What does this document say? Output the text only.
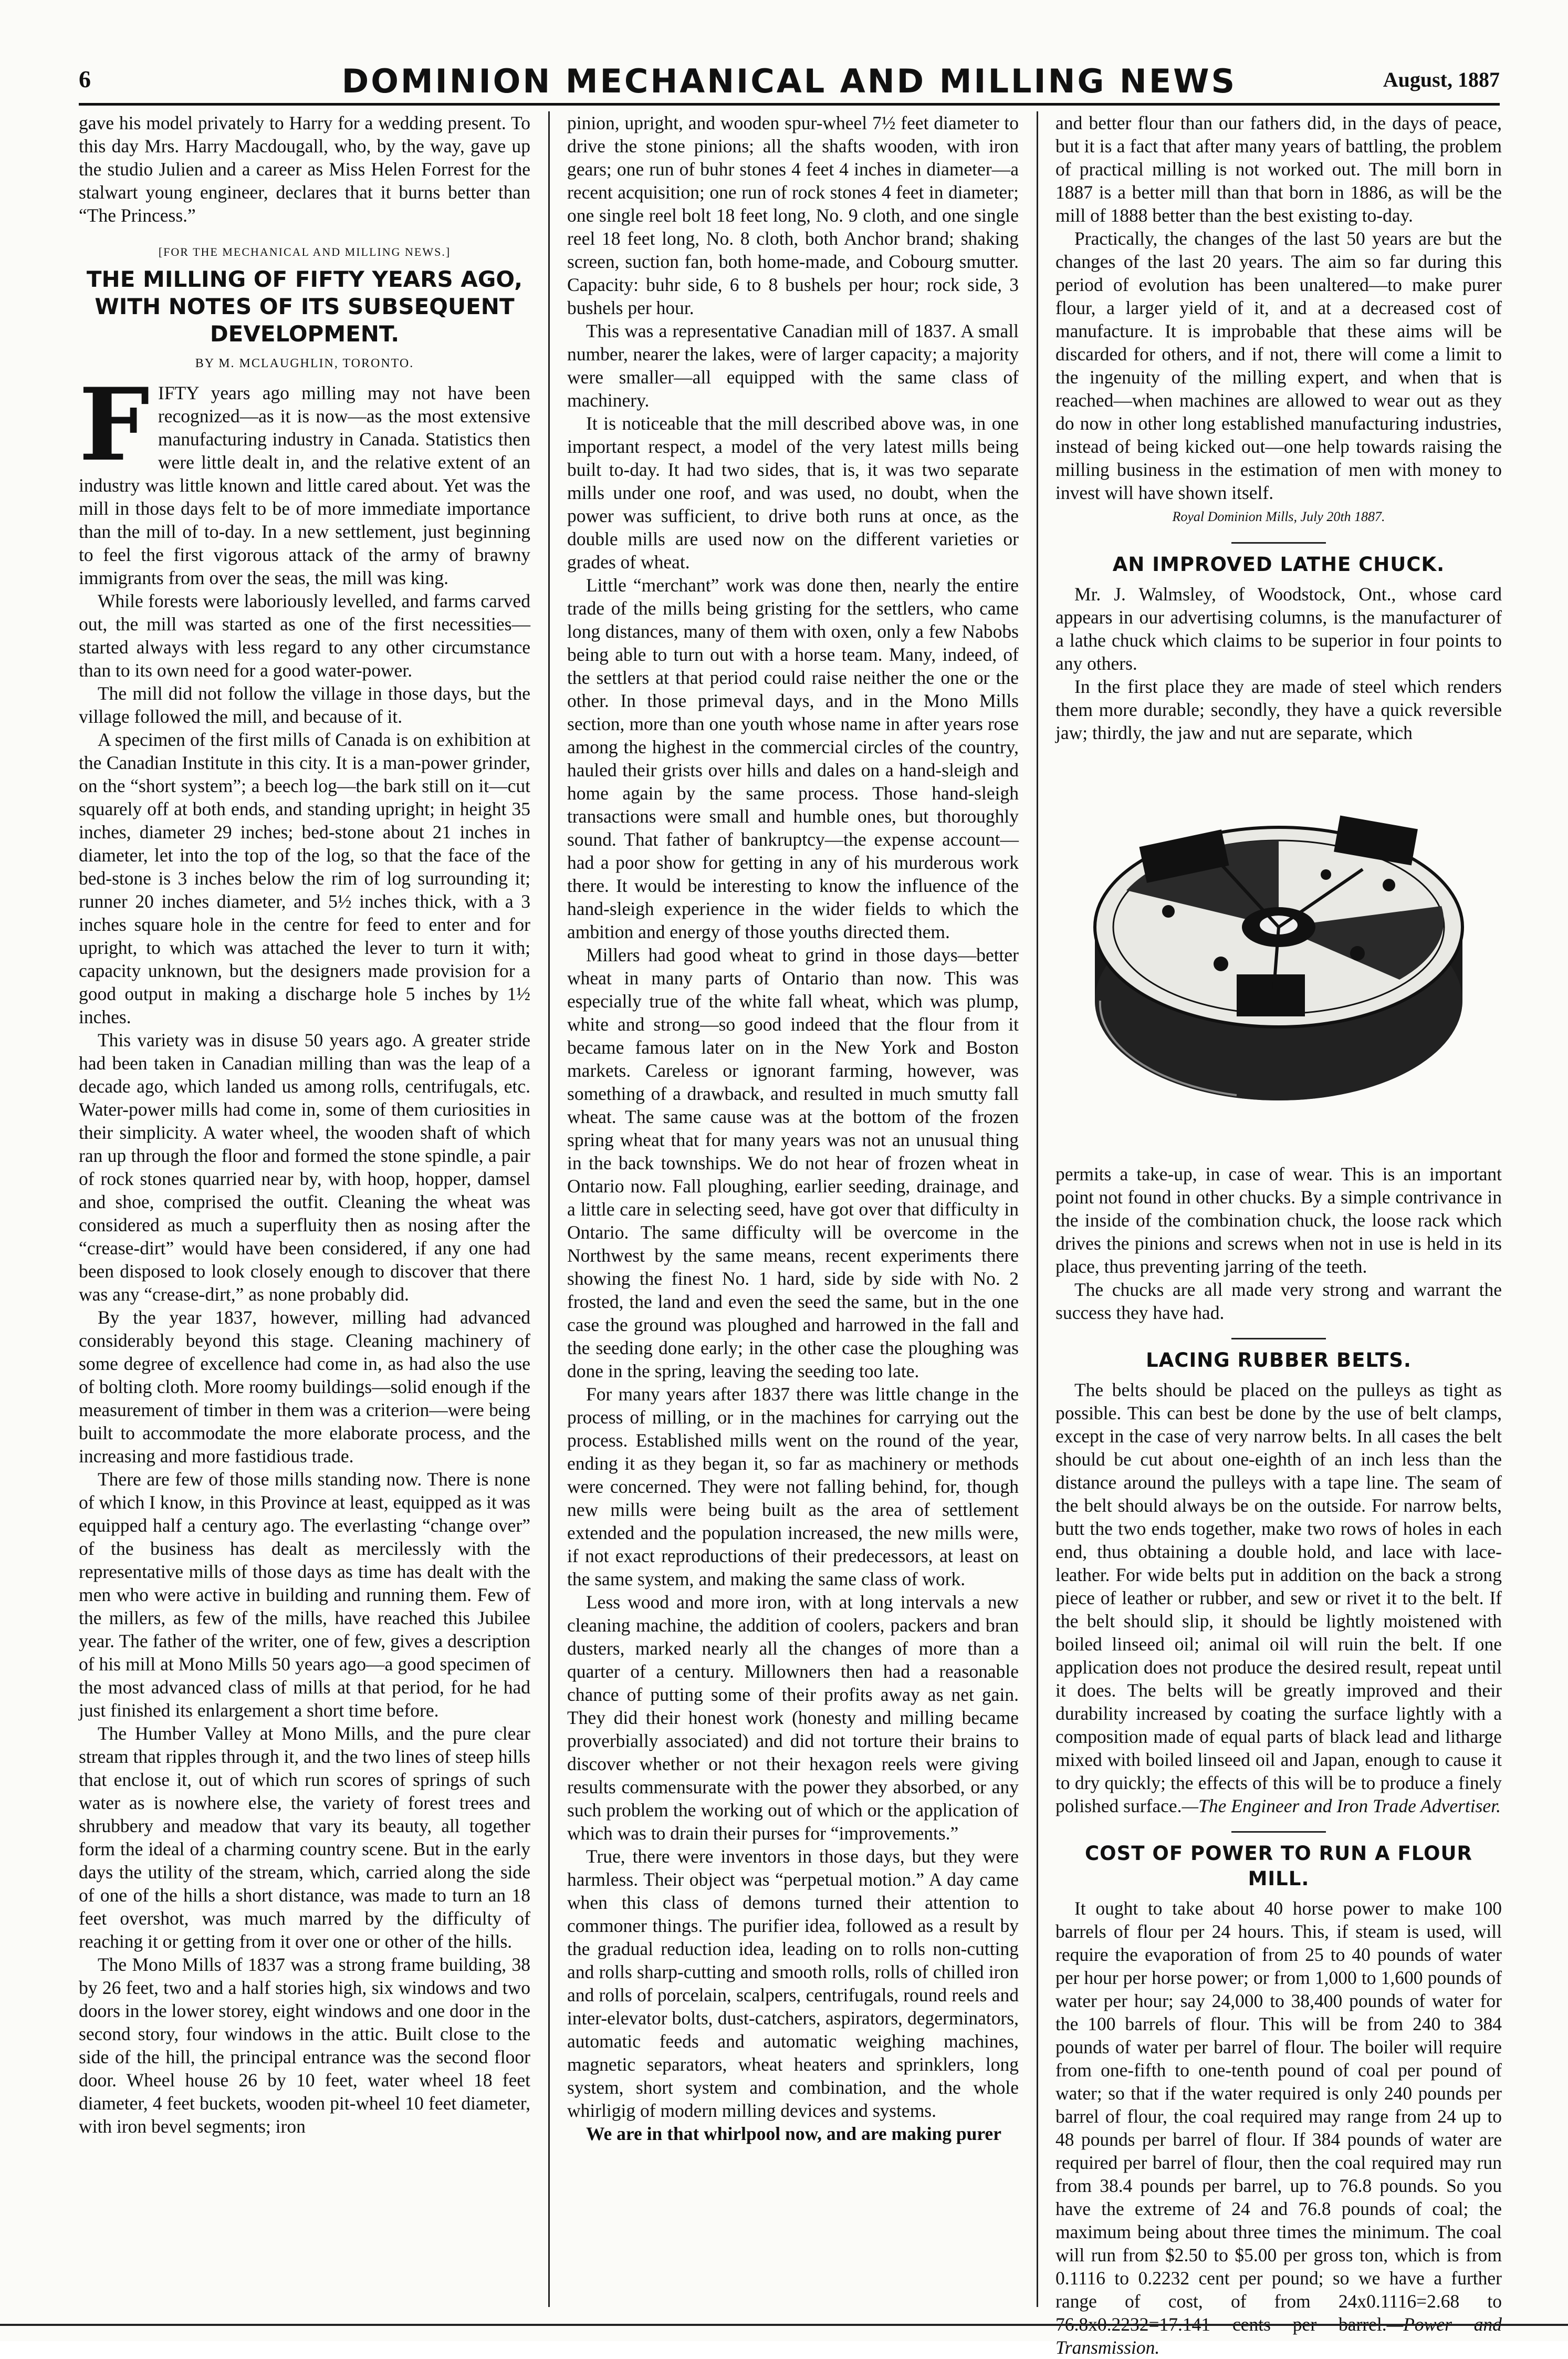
6	DOMINION MECHANICAL AND MILLING NEWS	August, 1887

gave his model privately to Harry for a wedding present. To this day Mrs. Harry Macdougall, who, by the way, gave up the studio Julien and a career as Miss Helen Forrest for the stalwart young engineer, declares that it burns better than “The Princess.”

[FOR THE MECHANICAL AND MILLING NEWS.]
THE MILLING OF FIFTY YEARS AGO, WITH NOTES OF ITS SUBSEQUENT DEVELOPMENT.
BY M. MCLAUGHLIN, TORONTO.

FIFTY years ago milling may not have been recognized—as it is now—as the most extensive manufacturing industry in Canada. Statistics then were little dealt in, and the relative extent of an industry was little known and little cared about. Yet was the mill in those days felt to be of more immediate importance than the mill of to-day. In a new settlement, just beginning to feel the first vigorous attack of the army of brawny immigrants from over the seas, the mill was king.

While forests were laboriously levelled, and farms carved out, the mill was started as one of the first necessities—started always with less regard to any other circumstance than to its own need for a good water-power.

The mill did not follow the village in those days, but the village followed the mill, and because of it.

A specimen of the first mills of Canada is on exhibition at the Canadian Institute in this city. It is a man-power grinder, on the “short system”; a beech log—the bark still on it—cut squarely off at both ends, and standing upright; in height 35 inches, diameter 29 inches; bed-stone about 21 inches in diameter, let into the top of the log, so that the face of the bed-stone is 3 inches below the rim of log surrounding it; runner 20 inches diameter, and 5½ inches thick, with a 3 inches square hole in the centre for feed to enter and for upright, to which was attached the lever to turn it with; capacity unknown, but the designers made provision for a good output in making a discharge hole 5 inches by 1½ inches.

This variety was in disuse 50 years ago. A greater stride had been taken in Canadian milling than was the leap of a decade ago, which landed us among rolls, centrifugals, etc. Water-power mills had come in, some of them curiosities in their simplicity. A water wheel, the wooden shaft of which ran up through the floor and formed the stone spindle, a pair of rock stones quarried near by, with hoop, hopper, damsel and shoe, comprised the outfit. Cleaning the wheat was considered as much a superfluity then as nosing after the “crease-dirt” would have been considered, if any one had been disposed to look closely enough to discover that there was any “crease-dirt,” as none probably did.

By the year 1837, however, milling had advanced considerably beyond this stage. Cleaning machinery of some degree of excellence had come in, as had also the use of bolting cloth. More roomy buildings—solid enough if the measurement of timber in them was a criterion—were being built to accommodate the more elaborate process, and the increasing and more fastidious trade.

There are few of those mills standing now. There is none of which I know, in this Province at least, equipped as it was equipped half a century ago. The everlasting “change over” of the business has dealt as mercilessly with the representative mills of those days as time has dealt with the men who were active in building and running them. Few of the millers, as few of the mills, have reached this Jubilee year. The father of the writer, one of few, gives a description of his mill at Mono Mills 50 years ago—a good specimen of the most advanced class of mills at that period, for he had just finished its enlargement a short time before.

The Humber Valley at Mono Mills, and the pure clear stream that ripples through it, and the two lines of steep hills that enclose it, out of which run scores of springs of such water as is nowhere else, the variety of forest trees and shrubbery and meadow that vary its beauty, all together form the ideal of a charming country scene. But in the early days the utility of the stream, which, carried along the side of one of the hills a short distance, was made to turn an 18 feet overshot, was much marred by the difficulty of reaching it or getting from it over one or other of the hills.

The Mono Mills of 1837 was a strong frame building, 38 by 26 feet, two and a half stories high, six windows and two doors in the lower storey, eight windows and one door in the second story, four windows in the attic. Built close to the side of the hill, the principal entrance was the second floor door. Wheel house 26 by 10 feet, water wheel 18 feet diameter, 4 feet buckets, wooden pit-wheel 10 feet diameter, with iron bevel segments; iron

pinion, upright, and wooden spur-wheel 7½ feet diameter to drive the stone pinions; all the shafts wooden, with iron gears; one run of buhr stones 4 feet 4 inches in diameter—a recent acquisition; one run of rock stones 4 feet in diameter; one single reel bolt 18 feet long, No. 9 cloth, and one single reel 18 feet long, No. 8 cloth, both Anchor brand; shaking screen, suction fan, both home-made, and Cobourg smutter. Capacity: buhr side, 6 to 8 bushels per hour; rock side, 3 bushels per hour.

This was a representative Canadian mill of 1837. A small number, nearer the lakes, were of larger capacity; a majority were smaller—all equipped with the same class of machinery.

It is noticeable that the mill described above was, in one important respect, a model of the very latest mills being built to-day. It had two sides, that is, it was two separate mills under one roof, and was used, no doubt, when the power was sufficient, to drive both runs at once, as the double mills are used now on the different varieties or grades of wheat.

Little “merchant” work was done then, nearly the entire trade of the mills being gristing for the settlers, who came long distances, many of them with oxen, only a few Nabobs being able to turn out with a horse team. Many, indeed, of the settlers at that period could raise neither the one or the other. In those primeval days, and in the Mono Mills section, more than one youth whose name in after years rose among the highest in the commercial circles of the country, hauled their grists over hills and dales on a hand-sleigh and home again by the same process. Those hand-sleigh transactions were small and humble ones, but thoroughly sound. That father of bankruptcy—the expense account—had a poor show for getting in any of his murderous work there. It would be interesting to know the influence of the hand-sleigh experience in the wider fields to which the ambition and energy of those youths directed them.

Millers had good wheat to grind in those days—better wheat in many parts of Ontario than now. This was especially true of the white fall wheat, which was plump, white and strong—so good indeed that the flour from it became famous later on in the New York and Boston markets. Careless or ignorant farming, however, was something of a drawback, and resulted in much smutty fall wheat. The same cause was at the bottom of the frozen spring wheat that for many years was not an unusual thing in the back townships. We do not hear of frozen wheat in Ontario now. Fall ploughing, earlier seeding, drainage, and a little care in selecting seed, have got over that difficulty in Ontario. The same difficulty will be overcome in the Northwest by the same means, recent experiments there showing the finest No. 1 hard, side by side with No. 2 frosted, the land and even the seed the same, but in the one case the ground was ploughed and harrowed in the fall and the seeding done early; in the other case the ploughing was done in the spring, leaving the seeding too late.

For many years after 1837 there was little change in the process of milling, or in the machines for carrying out the process. Established mills went on the round of the year, ending it as they began it, so far as machinery or methods were concerned. They were not falling behind, for, though new mills were being built as the area of settlement extended and the population increased, the new mills were, if not exact reproductions of their predecessors, at least on the same system, and making the same class of work.

Less wood and more iron, with at long intervals a new cleaning machine, the addition of coolers, packers and bran dusters, marked nearly all the changes of more than a quarter of a century. Millowners then had a reasonable chance of putting some of their profits away as net gain. They did their honest work (honesty and milling became proverbially associated) and did not torture their brains to discover whether or not their hexagon reels were giving results commensurate with the power they absorbed, or any such problem the working out of which or the application of which was to drain their purses for “improvements.”

True, there were inventors in those days, but they were harmless. Their object was “perpetual motion.” A day came when this class of demons turned their attention to commoner things. The purifier idea, followed as a result by the gradual reduction idea, leading on to rolls non-cutting and rolls sharp-cutting and smooth rolls, rolls of chilled iron and rolls of porcelain, scalpers, centrifugals, round reels and inter-elevator bolts, dust-catchers, aspirators, degerminators, automatic feeds and automatic weighing machines, magnetic separators, wheat heaters and sprinklers, long system, short system and combination, and the whole whirligig of modern milling devices and systems.

We are in that whirlpool now, and are making purer

and better flour than our fathers did, in the days of peace, but it is a fact that after many years of battling, the problem of practical milling is not worked out. The mill born in 1887 is a better mill than that born in 1886, as will be the mill of 1888 better than the best existing to-day.

Practically, the changes of the last 50 years are but the changes of the last 20 years. The aim so far during this period of evolution has been unaltered—to make purer flour, a larger yield of it, and at a decreased cost of manufacture. It is improbable that these aims will be discarded for others, and if not, there will come a limit to the ingenuity of the milling expert, and when that is reached—when machines are allowed to wear out as they do now in other long established manufacturing industries, instead of being kicked out—one help towards raising the milling business in the estimation of men with money to invest will have shown itself.

Royal Dominion Mills, July 20th 1887.
AN IMPROVED LATHE CHUCK.

Mr. J. Walmsley, of Woodstock, Ont., whose card appears in our advertising columns, is the manufacturer of a lathe chuck which claims to be superior in four points to any others.

In the first place they are made of steel which renders them more durable; secondly, they have a quick reversible jaw; thirdly, the jaw and nut are separate, which

permits a take-up, in case of wear. This is an important point not found in other chucks. By a simple contrivance in the inside of the combination chuck, the loose rack which drives the pinions and screws when not in use is held in its place, thus preventing jarring of the teeth.

The chucks are all made very strong and warrant the success they have had.

LACING RUBBER BELTS.

The belts should be placed on the pulleys as tight as possible. This can best be done by the use of belt clamps, except in the case of very narrow belts. In all cases the belt should be cut about one-eighth of an inch less than the distance around the pulleys with a tape line. The seam of the belt should always be on the outside. For narrow belts, butt the two ends together, make two rows of holes in each end, thus obtaining a double hold, and lace with lace-leather. For wide belts put in addition on the back a strong piece of leather or rubber, and sew or rivet it to the belt. If the belt should slip, it should be lightly moistened with boiled linseed oil; animal oil will ruin the belt. If one application does not produce the desired result, repeat until it does. The belts will be greatly improved and their durability increased by coating the surface lightly with a composition made of equal parts of black lead and litharge mixed with boiled linseed oil and Japan, enough to cause it to dry quickly; the effects of this will be to produce a finely polished surface.—The Engineer and Iron Trade Advertiser.

COST OF POWER TO RUN A FLOUR MILL.

It ought to take about 40 horse power to make 100 barrels of flour per 24 hours. This, if steam is used, will require the evaporation of from 25 to 40 pounds of water per hour per horse power; or from 1,000 to 1,600 pounds of water per hour; say 24,000 to 38,400 pounds of water for the 100 barrels of flour. This will be from 240 to 384 pounds of water per barrel of flour. The boiler will require from one-fifth to one-tenth pound of coal per pound of water; so that if the water required is only 240 pounds per barrel of flour, the coal required may range from 24 up to 48 pounds per barrel of flour. If 384 pounds of water are required per barrel of flour, then the coal required may run from 38.4 pounds per barrel, up to 76.8 pounds. So you have the extreme of 24 and 76.8 pounds of coal; the maximum being about three times the minimum. The coal will run from $2.50 to $5.00 per gross ton, which is from 0.1116 to 0.2232 cent per pound; so we have a further range of cost, of from 24x0.1116=2.68 to 76.8x0.2232=17.141 cents per barrel.—Power and Transmission.
